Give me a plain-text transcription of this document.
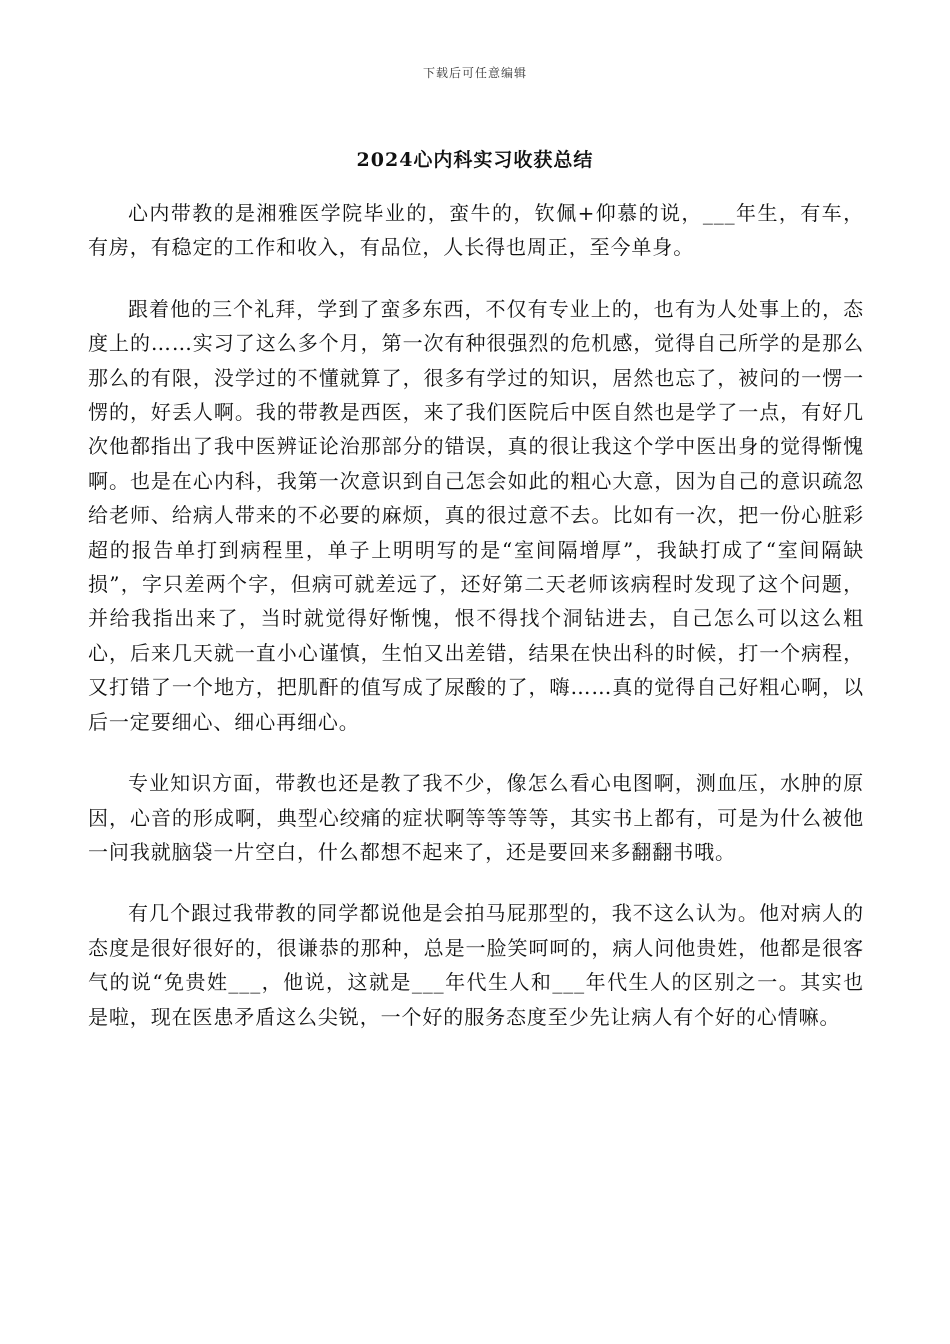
下载后可任意编辑
2024心内科实习收获总结

心内带教的是湘雅医学院毕业的，蛮牛的，钦佩+仰慕的说，___年生，有车，有房，有稳定的工作和收入，有品位，人长得也周正，至今单身。

跟着他的三个礼拜，学到了蛮多东西，不仅有专业上的，也有为人处事上的，态度上的……实习了这么多个月，第一次有种很强烈的危机感，觉得自己所学的是那么那么的有限，没学过的不懂就算了，很多有学过的知识，居然也忘了，被问的一愣一愣的，好丢人啊。我的带教是西医，来了我们医院后中医自然也是学了一点，有好几次他都指出了我中医辨证论治那部分的错误，真的很让我这个学中医出身的觉得惭愧啊。也是在心内科，我第一次意识到自己怎会如此的粗心大意，因为自己的意识疏忽给老师、给病人带来的不必要的麻烦，真的很过意不去。比如有一次，把一份心脏彩超的报告单打到病程里，单子上明明写的是“室间隔增厚”，我缺打成了“室间隔缺损”，字只差两个字，但病可就差远了，还好第二天老师该病程时发现了这个问题，并给我指出来了，当时就觉得好惭愧，恨不得找个洞钻进去，自己怎么可以这么粗心，后来几天就一直小心谨慎，生怕又出差错，结果在快出科的时候，打一个病程，又打错了一个地方，把肌酐的值写成了尿酸的了，嗨……真的觉得自己好粗心啊，以后一定要细心、细心再细心。

专业知识方面，带教也还是教了我不少，像怎么看心电图啊，测血压，水肿的原因，心音的形成啊，典型心绞痛的症状啊等等等等，其实书上都有，可是为什么被他一问我就脑袋一片空白，什么都想不起来了，还是要回来多翻翻书哦。

有几个跟过我带教的同学都说他是会拍马屁那型的，我不这么认为。他对病人的态度是很好很好的，很谦恭的那种，总是一脸笑呵呵的，病人问他贵姓，他都是很客气的说“免贵姓___，他说，这就是___年代生人和___年代生人的区别之一。其实也是啦，现在医患矛盾这么尖锐，一个好的服务态度至少先让病人有个好的心情嘛。
